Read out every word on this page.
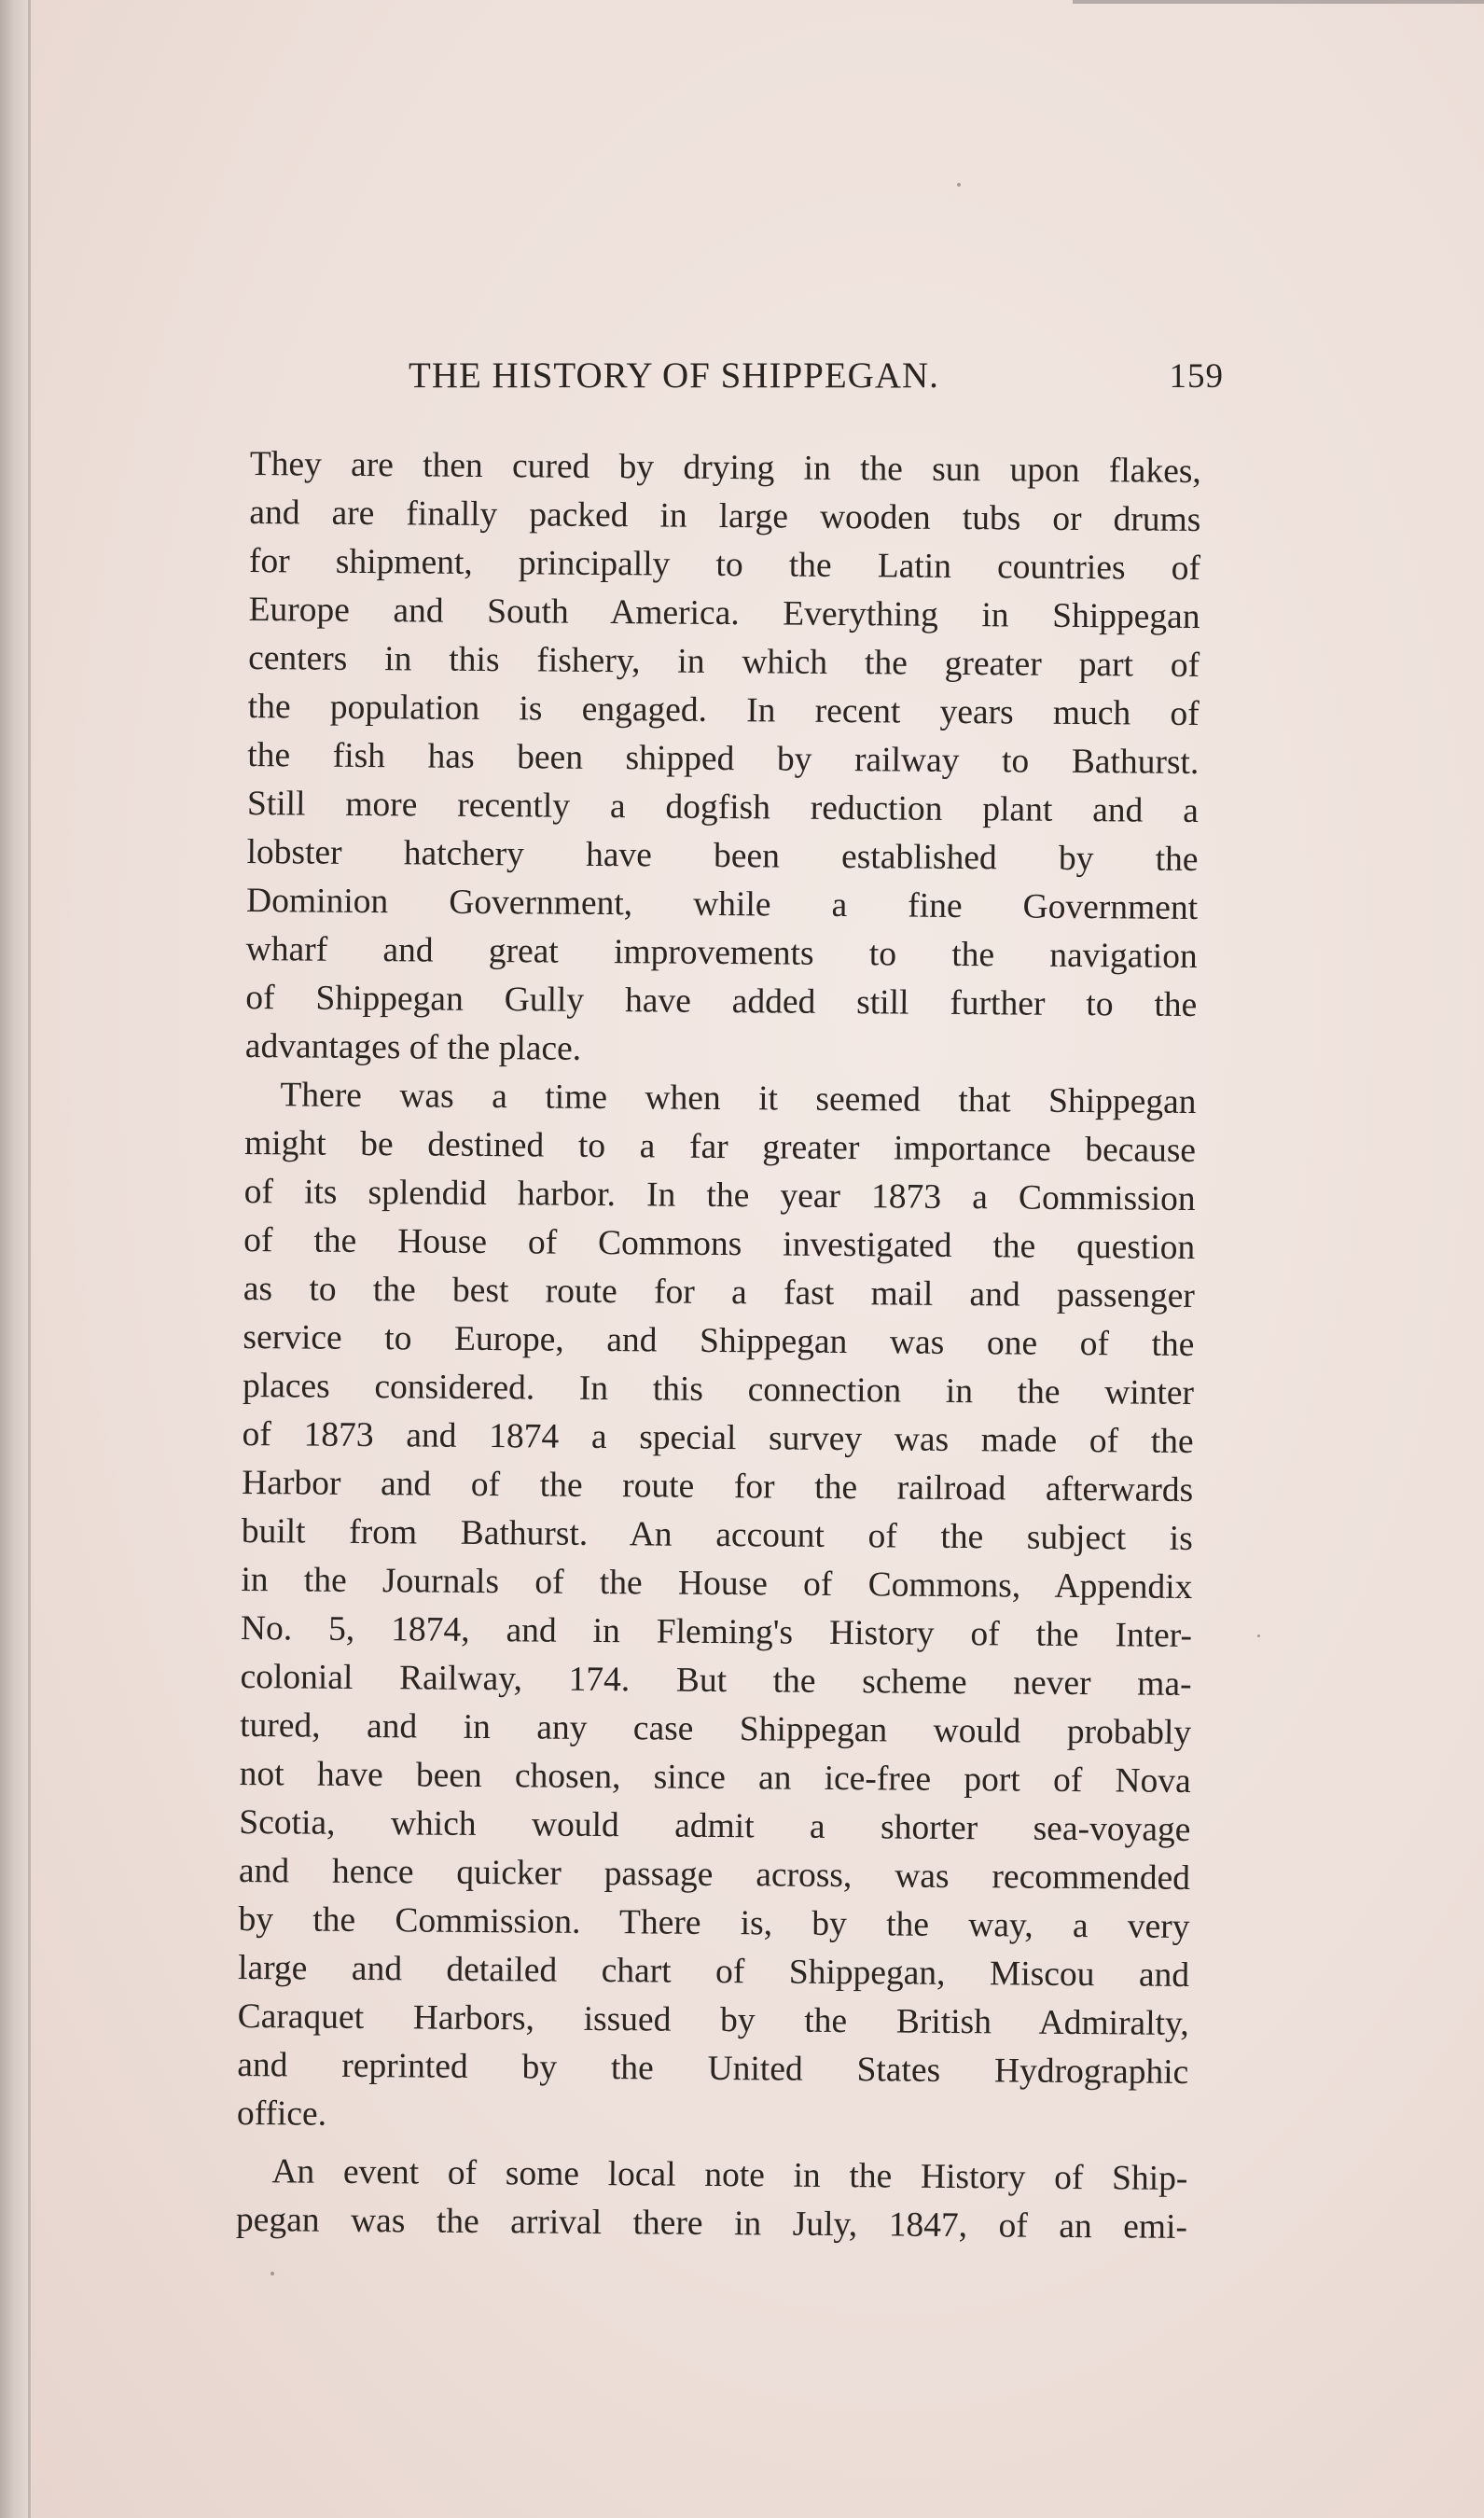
THE HISTORY OF SHIPPEGAN.	159
They are then cured by drying in the sun upon flakes,
and are finally packed in large wooden tubs or drums
for shipment, principally to the Latin countries of
Europe and South America. Everything in Shippegan
centers in this fishery, in which the greater part of
the population is engaged. In recent years much of
the fish has been shipped by railway to Bathurst.
Still more recently a dogfish reduction plant and a
lobster hatchery have been established by the
Dominion Government, while a fine Government
wharf and great improvements to the navigation
of Shippegan Gully have added still further to the
advantages of the place.
There was a time when it seemed that Shippegan
might be destined to a far greater importance because
of its splendid harbor. In the year 1873 a Commission
of the House of Commons investigated the question
as to the best route for a fast mail and passenger
service to Europe, and Shippegan was one of the
places considered. In this connection in the winter
of 1873 and 1874 a special survey was made of the
Harbor and of the route for the railroad afterwards
built from Bathurst. An account of the subject is
in the Journals of the House of Commons, Appendix
No. 5, 1874, and in Fleming's History of the Inter-
colonial Railway, 174. But the scheme never ma-
tured, and in any case Shippegan would probably
not have been chosen, since an ice-free port of Nova
Scotia, which would admit a shorter sea-voyage
and hence quicker passage across, was recommended
by the Commission. There is, by the way, a very
large and detailed chart of Shippegan, Miscou and
Caraquet Harbors, issued by the British Admiralty,
and reprinted by the United States Hydrographic
office.
An event of some local note in the History of Ship-
pegan was the arrival there in July, 1847, of an emi-
